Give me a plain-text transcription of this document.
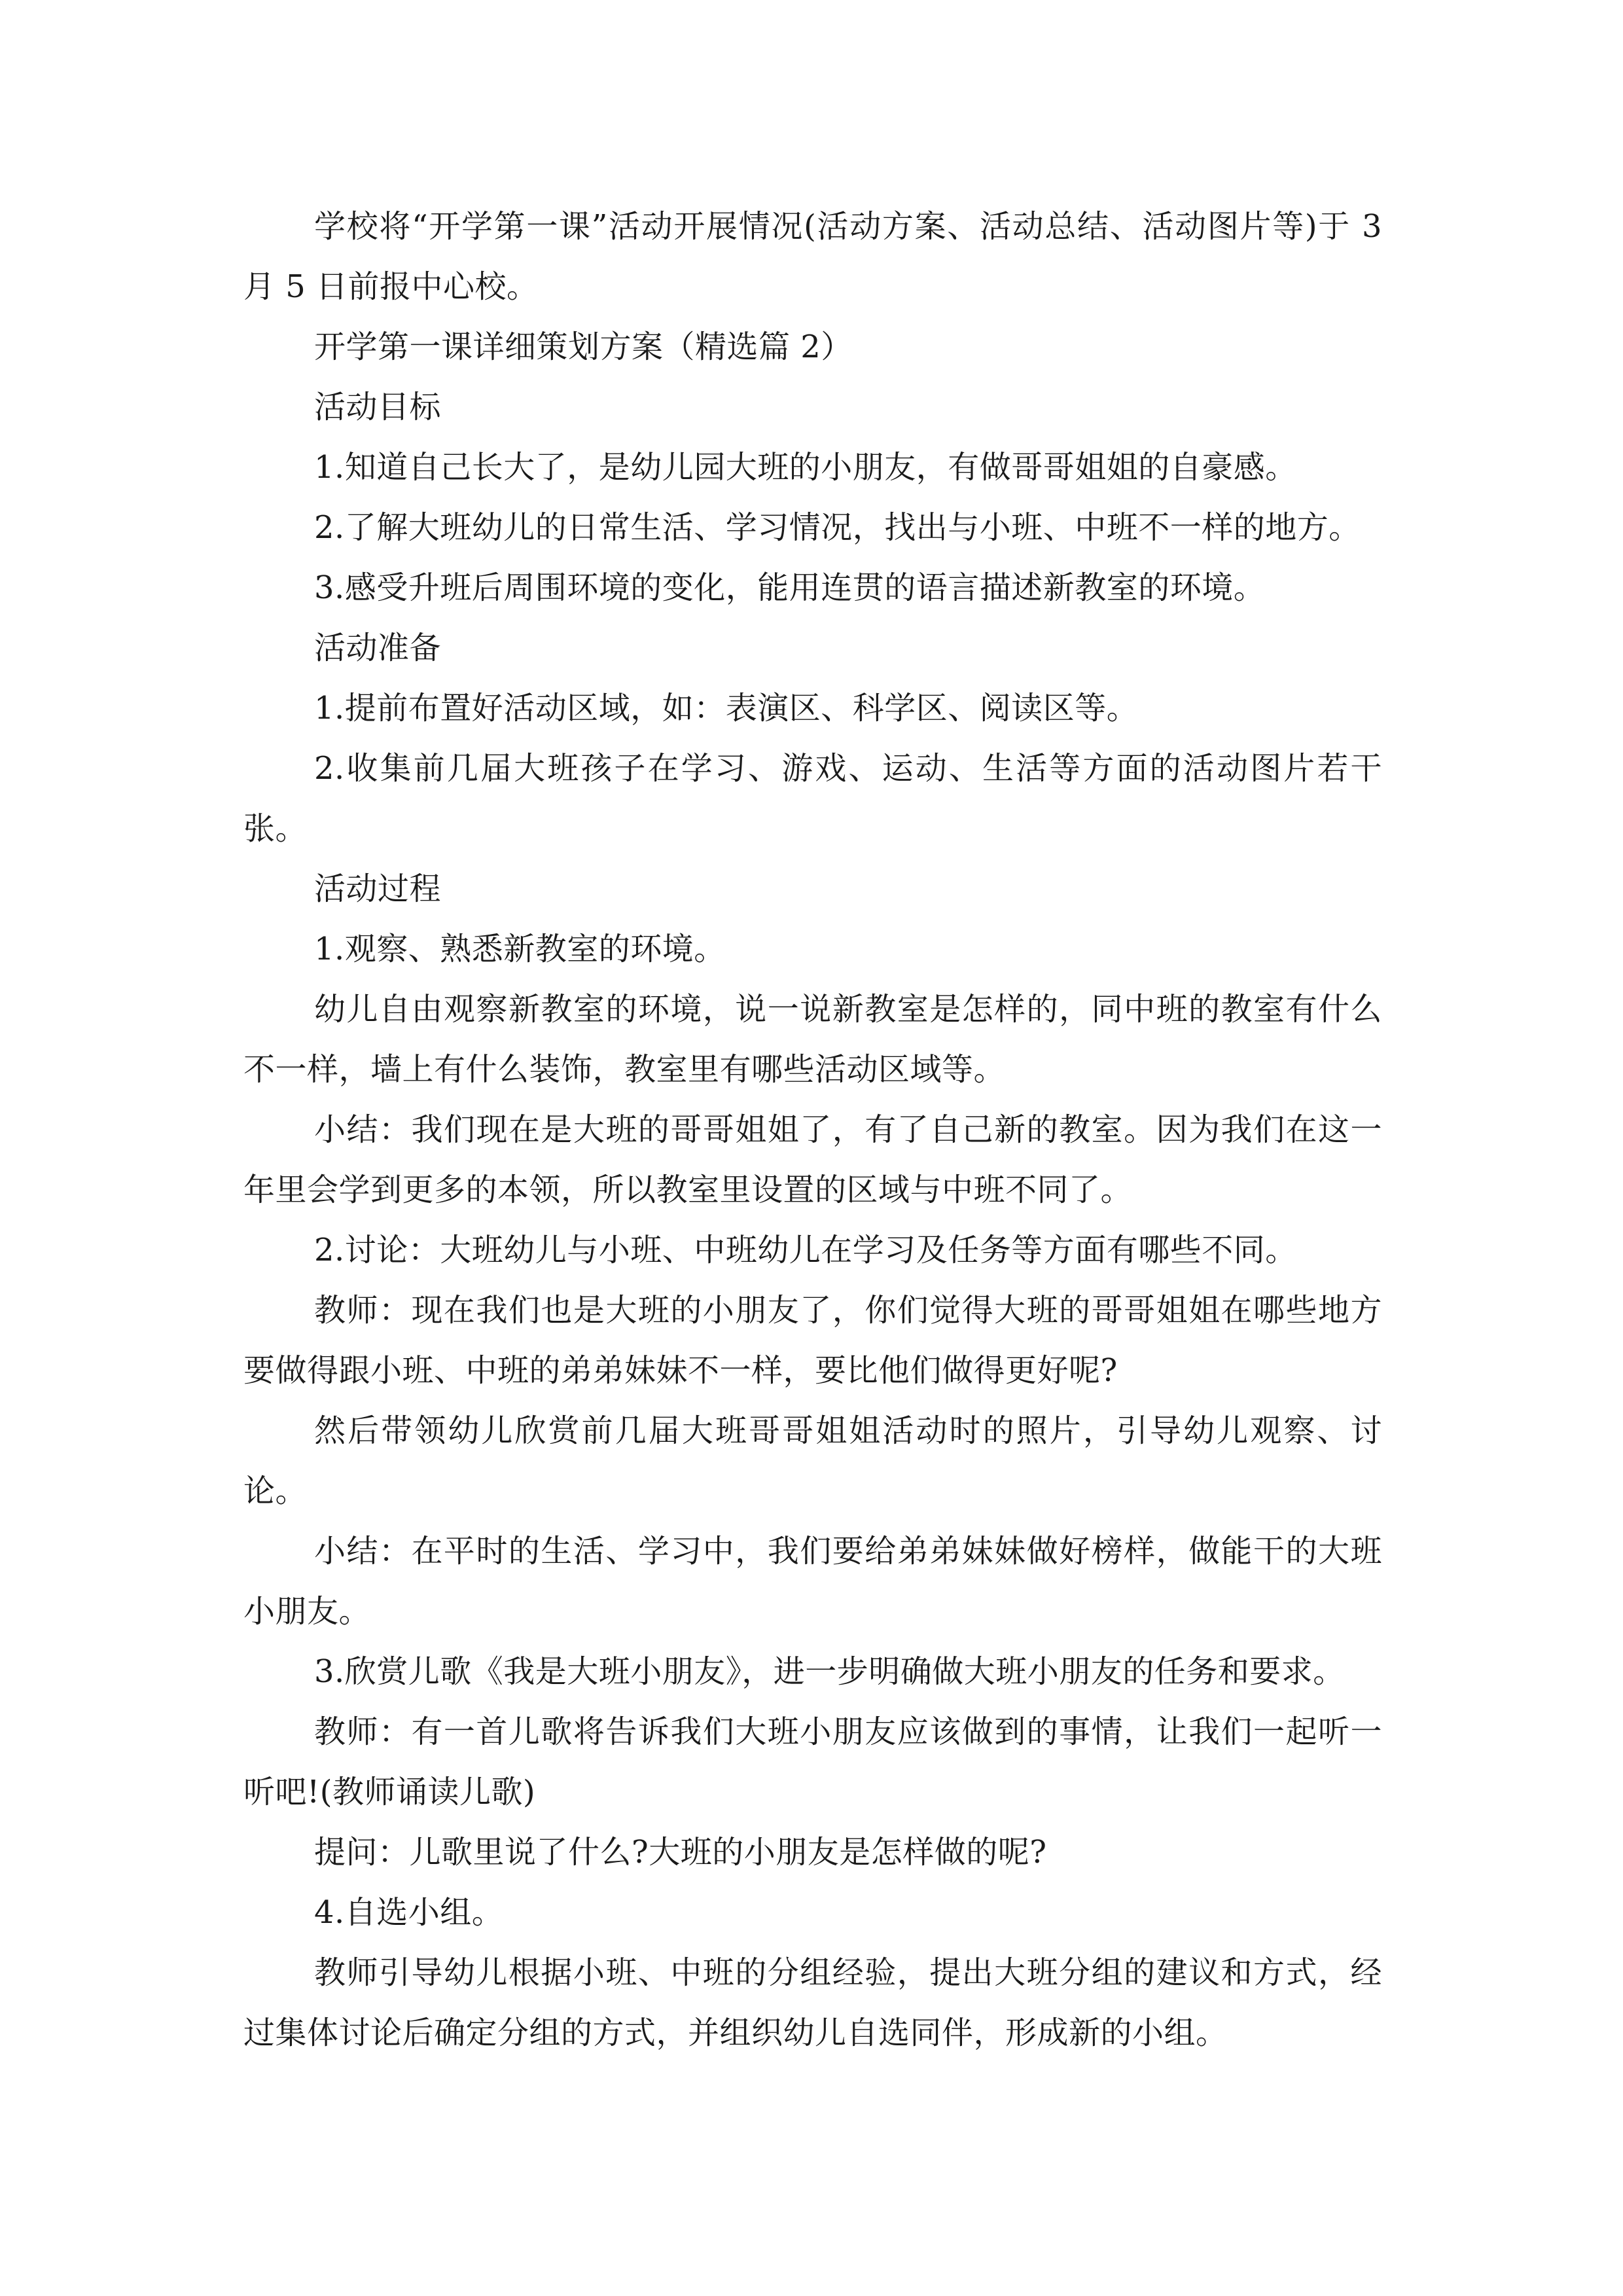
学校将“开学第一课”活动开展情况(活动方案、活动总结、活动图片等)于 3 月 5 日前报中心校。

开学第一课详细策划方案（精选篇 2）

活动目标

1.知道自己长大了，是幼儿园大班的小朋友，有做哥哥姐姐的自豪感。

2.了解大班幼儿的日常生活、学习情况，找出与小班、中班不一样的地方。

3.感受升班后周围环境的变化，能用连贯的语言描述新教室的环境。

活动准备

1.提前布置好活动区域，如：表演区、科学区、阅读区等。

2.收集前几届大班孩子在学习、游戏、运动、生活等方面的活动图片若干张。

活动过程

1.观察、熟悉新教室的环境。

幼儿自由观察新教室的环境，说一说新教室是怎样的，同中班的教室有什么不一样，墙上有什么装饰，教室里有哪些活动区域等。

小结：我们现在是大班的哥哥姐姐了，有了自己新的教室。因为我们在这一年里会学到更多的本领，所以教室里设置的区域与中班不同了。

2.讨论：大班幼儿与小班、中班幼儿在学习及任务等方面有哪些不同。

教师：现在我们也是大班的小朋友了，你们觉得大班的哥哥姐姐在哪些地方要做得跟小班、中班的弟弟妹妹不一样，要比他们做得更好呢?

然后带领幼儿欣赏前几届大班哥哥姐姐活动时的照片，引导幼儿观察、讨论。

小结：在平时的生活、学习中，我们要给弟弟妹妹做好榜样，做能干的大班小朋友。

3.欣赏儿歌《我是大班小朋友》，进一步明确做大班小朋友的任务和要求。

教师：有一首儿歌将告诉我们大班小朋友应该做到的事情，让我们一起听一听吧!(教师诵读儿歌)

提问：儿歌里说了什么?大班的小朋友是怎样做的呢?

4.自选小组。

教师引导幼儿根据小班、中班的分组经验，提出大班分组的建议和方式，经过集体讨论后确定分组的方式，并组织幼儿自选同伴，形成新的小组。
